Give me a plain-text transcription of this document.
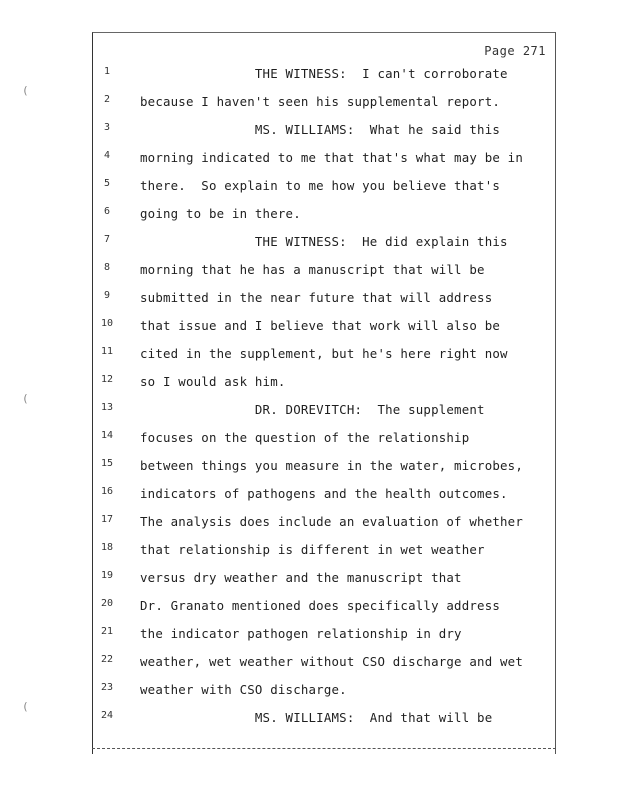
(
(
(
Page 271
1	THE WITNESS:  I can't corroborate
2	because I haven't seen his supplemental report.
3	MS. WILLIAMS:  What he said this
4	morning indicated to me that that's what may be in
5	there.  So explain to me how you believe that's
6	going to be in there.
7	THE WITNESS:  He did explain this
8	morning that he has a manuscript that will be
9	submitted in the near future that will address
10	that issue and I believe that work will also be
11	cited in the supplement, but he's here right now
12	so I would ask him.
13	DR. DOREVITCH:  The supplement
14	focuses on the question of the relationship
15	between things you measure in the water, microbes,
16	indicators of pathogens and the health outcomes.
17	The analysis does include an evaluation of whether
18	that relationship is different in wet weather
19	versus dry weather and the manuscript that
20	Dr. Granato mentioned does specifically address
21	the indicator pathogen relationship in dry
22	weather, wet weather without CSO discharge and wet
23	weather with CSO discharge.
24	MS. WILLIAMS:  And that will be
